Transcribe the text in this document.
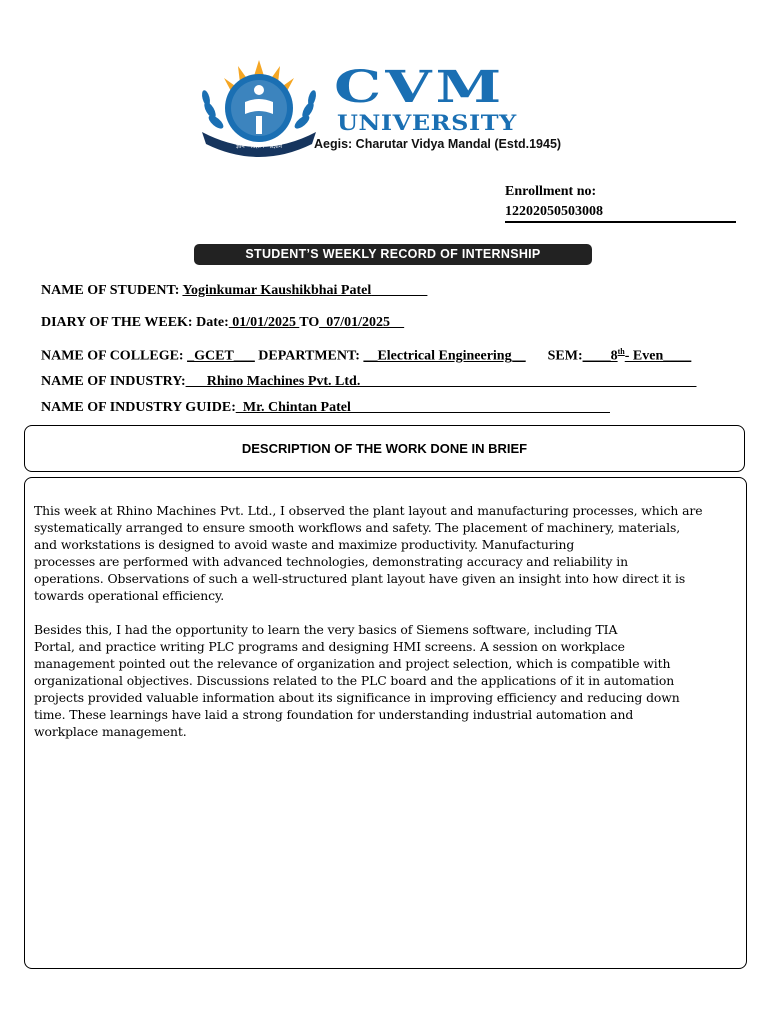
ज्ञान · विज्ञान · प्रज्ञान
CVM
UNIVERSITY
Aegis: Charutar Vidya Mandal (Estd.1945)
Enrollment no:
12202050503008
STUDENT’S WEEKLY RECORD OF INTERNSHIP
NAME OF STUDENT: Yoginkumar Kaushikbhai Patel________
DIARY OF THE WEEK: Date: 01/01/2025 TO_07/01/2025__
NAME OF COLLEGE: _GCET___ DEPARTMENT: __Electrical Engineering__ SEM:____8th- Even____
NAME OF INDUSTRY:___Rhino Machines Pvt. Ltd.________________________________________________
NAME OF INDUSTRY GUIDE:_Mr. Chintan Patel_____________________________________
DESCRIPTION OF THE WORK DONE IN BRIEF

This week at Rhino Machines Pvt. Ltd., I observed the plant layout and manufacturing processes, which are
systematically arranged to ensure smooth workflows and safety. The placement of machinery, materials,
and workstations is designed to avoid waste and maximize productivity. Manufacturing
processes are performed with advanced technologies, demonstrating accuracy and reliability in
operations. Observations of such a well-structured plant layout have given an insight into how direct it is
towards operational efficiency.

Besides this, I had the opportunity to learn the very basics of Siemens software, including TIA
Portal, and practice writing PLC programs and designing HMI screens. A session on workplace
management pointed out the relevance of organization and project selection, which is compatible with
organizational objectives. Discussions related to the PLC board and the applications of it in automation
projects provided valuable information about its significance in improving efficiency and reducing down
time. These learnings have laid a strong foundation for understanding industrial automation and
workplace management.
